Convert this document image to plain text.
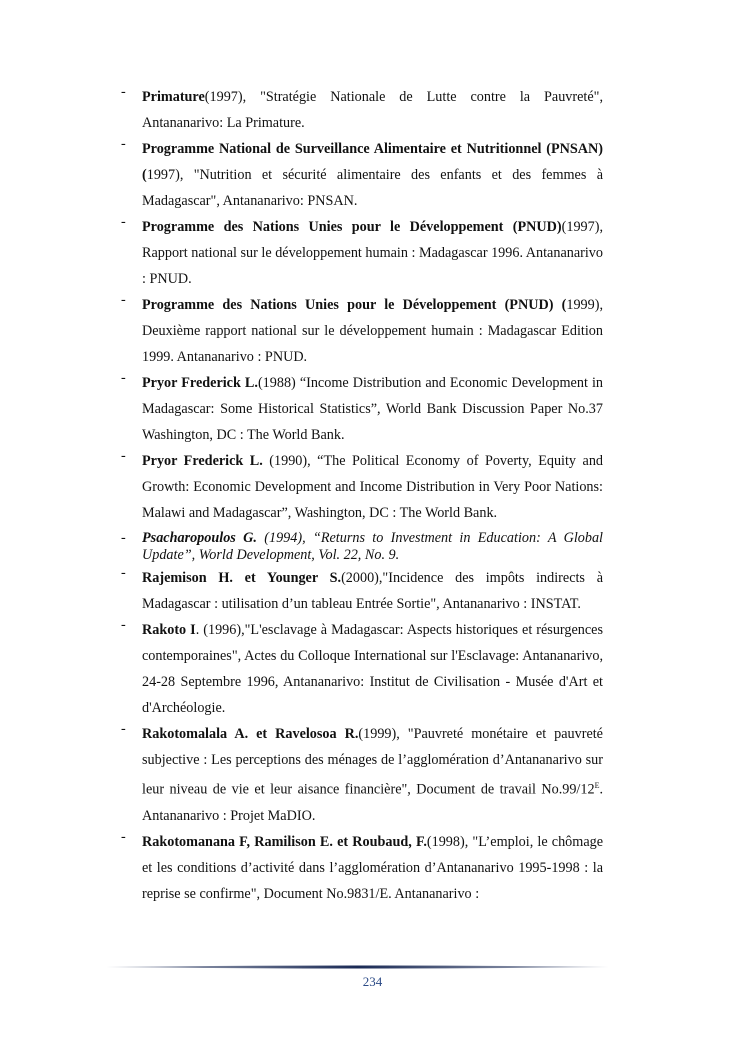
- Primature(1997), "Stratégie Nationale de Lutte contre la Pauvreté", Antananarivo: La Primature.

- Programme National de Surveillance Alimentaire et Nutritionnel (PNSAN) (1997), "Nutrition et sécurité alimentaire des enfants et des femmes à Madagascar", Antananarivo: PNSAN.

- Programme des Nations Unies pour le Développement (PNUD)(1997), Rapport national sur le développement humain : Madagascar 1996. Antananarivo : PNUD.

- Programme des Nations Unies pour le Développement (PNUD) (1999), Deuxième rapport national sur le développement humain : Madagascar Edition 1999. Antananarivo : PNUD.

- Pryor Frederick L.(1988) “Income Distribution and Economic Development in Madagascar: Some Historical Statistics”, World Bank Discussion Paper No.37 Washington, DC : The World Bank.

- Pryor Frederick L. (1990), “The Political Economy of Poverty, Equity and Growth: Economic Development and Income Distribution in Very Poor Nations: Malawi and Madagascar”, Washington, DC : The World Bank.

- Psacharopoulos G. (1994), “Returns to Investment in Education: A Global Update”, World Development, Vol. 22, No. 9.

- Rajemison H. et Younger S.(2000),"Incidence des impôts indirects à Madagascar : utilisation d’un tableau Entrée Sortie", Antananarivo : INSTAT.

- Rakoto I. (1996),"L'esclavage à Madagascar: Aspects historiques et résurgences contemporaines", Actes du Colloque International sur l'Esclavage: Antananarivo, 24-28 Septembre 1996, Antananarivo: Institut de Civilisation - Musée d'Art et d'Archéologie.

- Rakotomalala A. et Ravelosoa R.(1999), "Pauvreté monétaire et pauvreté subjective : Les perceptions des ménages de l’agglomération d’Antananarivo sur leur niveau de vie et leur aisance financière", Document de travail $No.99/12^E$. Antananarivo : Projet MaDIO.

- Rakotomanana F, Ramilison E. et Roubaud, F.(1998), "L’emploi, le chômage et les conditions d’activité dans l’agglomération d’Antananarivo 1995-1998 : la reprise se confirme", Document No.9831/E. Antananarivo :

234
